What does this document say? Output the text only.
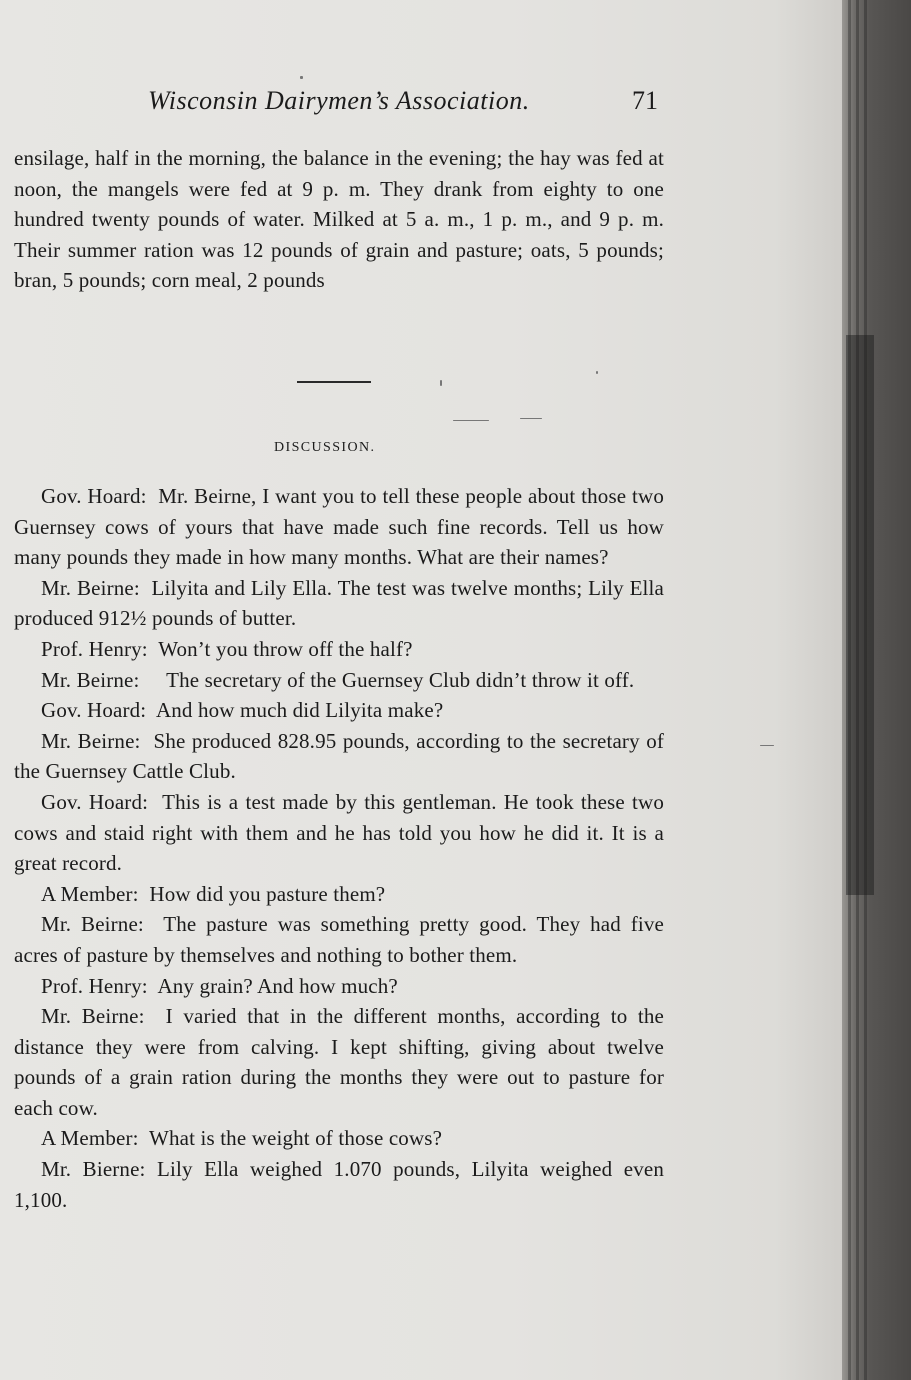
Wisconsin Dairymen’s Association.	71

ensilage, half in the morning, the balance in the evening; the hay was fed at noon, the mangels were fed at 9 p. m. They drank from eighty to one hundred twenty pounds of water. Milked at 5 a. m., 1 p. m., and 9 p. m. Their summer ration was 12 pounds of grain and pasture; oats, 5 pounds; bran, 5 pounds; corn meal, 2 pounds

DISCUSSION.

Gov. Hoard: Mr. Beirne, I want you to tell these people about those two Guernsey cows of yours that have made such fine records. Tell us how many pounds they made in how many months. What are their names?

Mr. Beirne: Lilyita and Lily Ella. The test was twelve months; Lily Ella produced 912½ pounds of butter.

Prof. Henry: Won’t you throw off the half?

Mr. Beirne: The secretary of the Guernsey Club didn’t throw it off.

Gov. Hoard: And how much did Lilyita make?

Mr. Beirne: She produced 828.95 pounds, according to the secretary of the Guernsey Cattle Club.

Gov. Hoard: This is a test made by this gentleman. He took these two cows and staid right with them and he has told you how he did it. It is a great record.

A Member: How did you pasture them?

Mr. Beirne: The pasture was something pretty good. They had five acres of pasture by themselves and nothing to bother them.

Prof. Henry: Any grain? And how much?

Mr. Beirne: I varied that in the different months, according to the distance they were from calving. I kept shifting, giving about twelve pounds of a grain ration during the months they were out to pasture for each cow.

A Member: What is the weight of those cows?

Mr. Bierne: Lily Ella weighed 1.070 pounds, Lilyita weighed even 1,100.
